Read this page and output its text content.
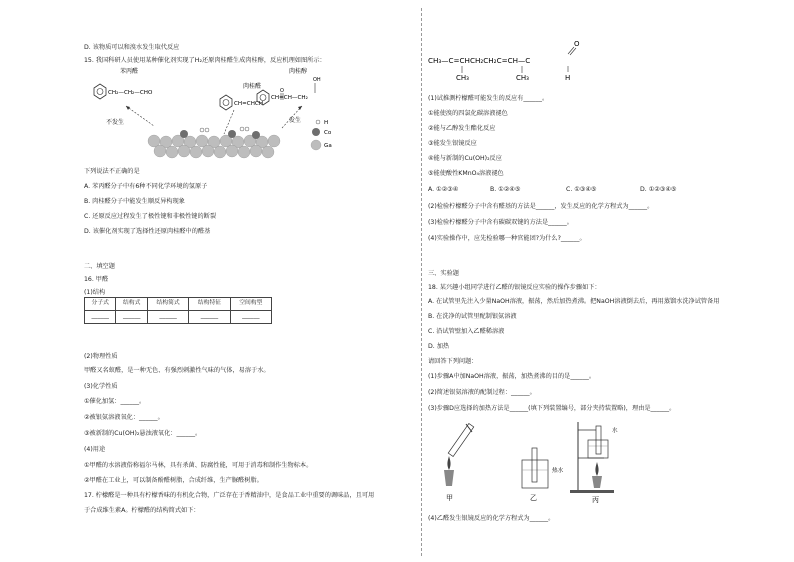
D. 该物质可以和溴水发生取代反应
15. 我国科研人员使用某种催化剂实现了H₂还原肉桂醛生成肉桂醇，反应机理如图所示：
苯丙醛
CH₂—CH₂—CHO
CH=CHCH
肉桂醛
O
CH=CH—CH₂
OH
肉桂醇
不发生	发生	H
Co
Ga
下列说法不正确的是
A. 苯丙醛分子中有6种不同化学环境的氢原子
B. 肉桂醛分子中能发生顺反异构现象
C. 还原反应过程发生了极性键和非极性键的断裂
D. 该催化剂实现了选择性还原肉桂醛中的醛基
二、填空题
16. 甲醛
(1)结构
分子式	结构式	结构简式	结构特征	空间构型
______	______	______	______	______
(2)物理性质
甲醛又名蚁醛，是一种无色、有强烈刺激性气味的气体，易溶于水。
(3)化学性质
①催化加氢：______。
②被银氨溶液氧化：______。
③被新制的Cu(OH)₂悬浊液氧化：______。
(4)用途
①甲醛的水溶液俗称福尔马林，具有杀菌、防腐性能，可用于消毒和制作生物标本。
②甲醛在工业上，可以制备酚醛树脂，合成纤维，生产脲醛树脂。
17. 柠檬醛是一种具有柠檬香味的有机化合物，广泛存在于香精油中，是食品工业中重要的调味品，且可用
于合成维生素A。柠檬醛的结构简式如下：
CH₃—C=CHCH₂CH₂C=CH—C
CH₃	CH₃
O
H
(1)试推测柠檬醛可能发生的反应有______。
①能使溴的四氯化碳溶液褪色
②能与乙醇发生酯化反应
③能发生银镜反应
④能与新制的Cu(OH)₂反应
⑤能使酸性KMnO₄溶液褪色
A. ①②③④	B. ①②④⑤	C. ①③④⑤	D. ①②③④⑤
(2)检验柠檬醛分子中含有醛基的方法是______，发生反应的化学方程式为______。
(3)检验柠檬醛分子中含有碳碳双键的方法是______。
(4)实验操作中，应先检验哪一种官能团?为什么?______。
三、实验题
18. 某兴趣小组同学进行乙醛的银镜反应实验的操作步骤如下：
A. 在试管里先注入少量NaOH溶液，振荡，然后加热煮沸。把NaOH溶液倒去后，再用蒸馏水洗净试管备用
B. 在洗净的试管里配制银氨溶液
C. 沿试管壁加入乙醛稀溶液
D. 加热
请回答下列问题：
(1)步骤A中加NaOH溶液，振荡，加热煮沸的目的是______。
(2)简述银氨溶液的配制过程：______。
(3)步骤D应选择的加热方法是______(填下列装置编号，部分夹持装置略)，理由是______。
甲
热水
乙
水
丙
(4)乙醛发生银镜反应的化学方程式为______。
